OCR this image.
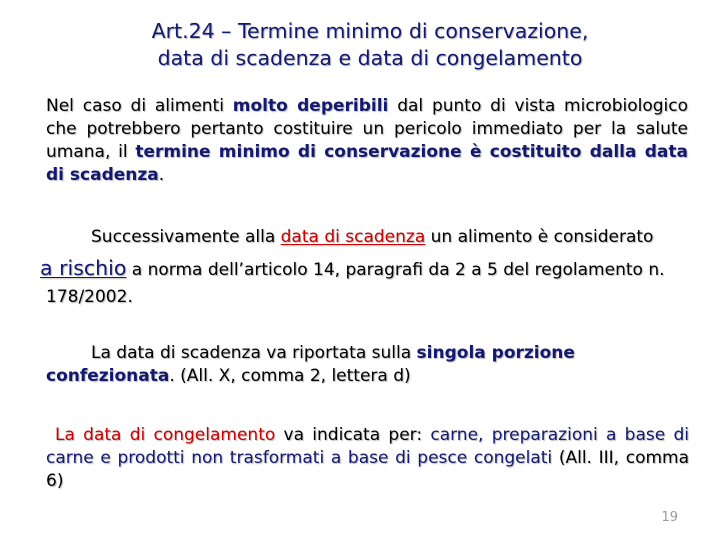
Art.24 – Termine minimo di conservazione,
data di scadenza e data di congelamento
Nel caso di alimenti molto deperibili dal punto di vista microbiologico che potrebbero pertanto costituire un pericolo immediato per la salute umana, il termine minimo di conservazione è costituito dalla data di scadenza.
Successivamente alla data di scadenza un alimento è considerato
a rischio a norma dell’articolo 14, paragrafi da 2 a 5 del regolamento n.
178/2002.
La data di scadenza va riportata sulla singola porzione confezionata. (All. X, comma 2, lettera d)
La data di congelamento va indicata per: carne, preparazioni a base di carne e prodotti non trasformati a base di pesce congelati (All. III, comma 6)
19
